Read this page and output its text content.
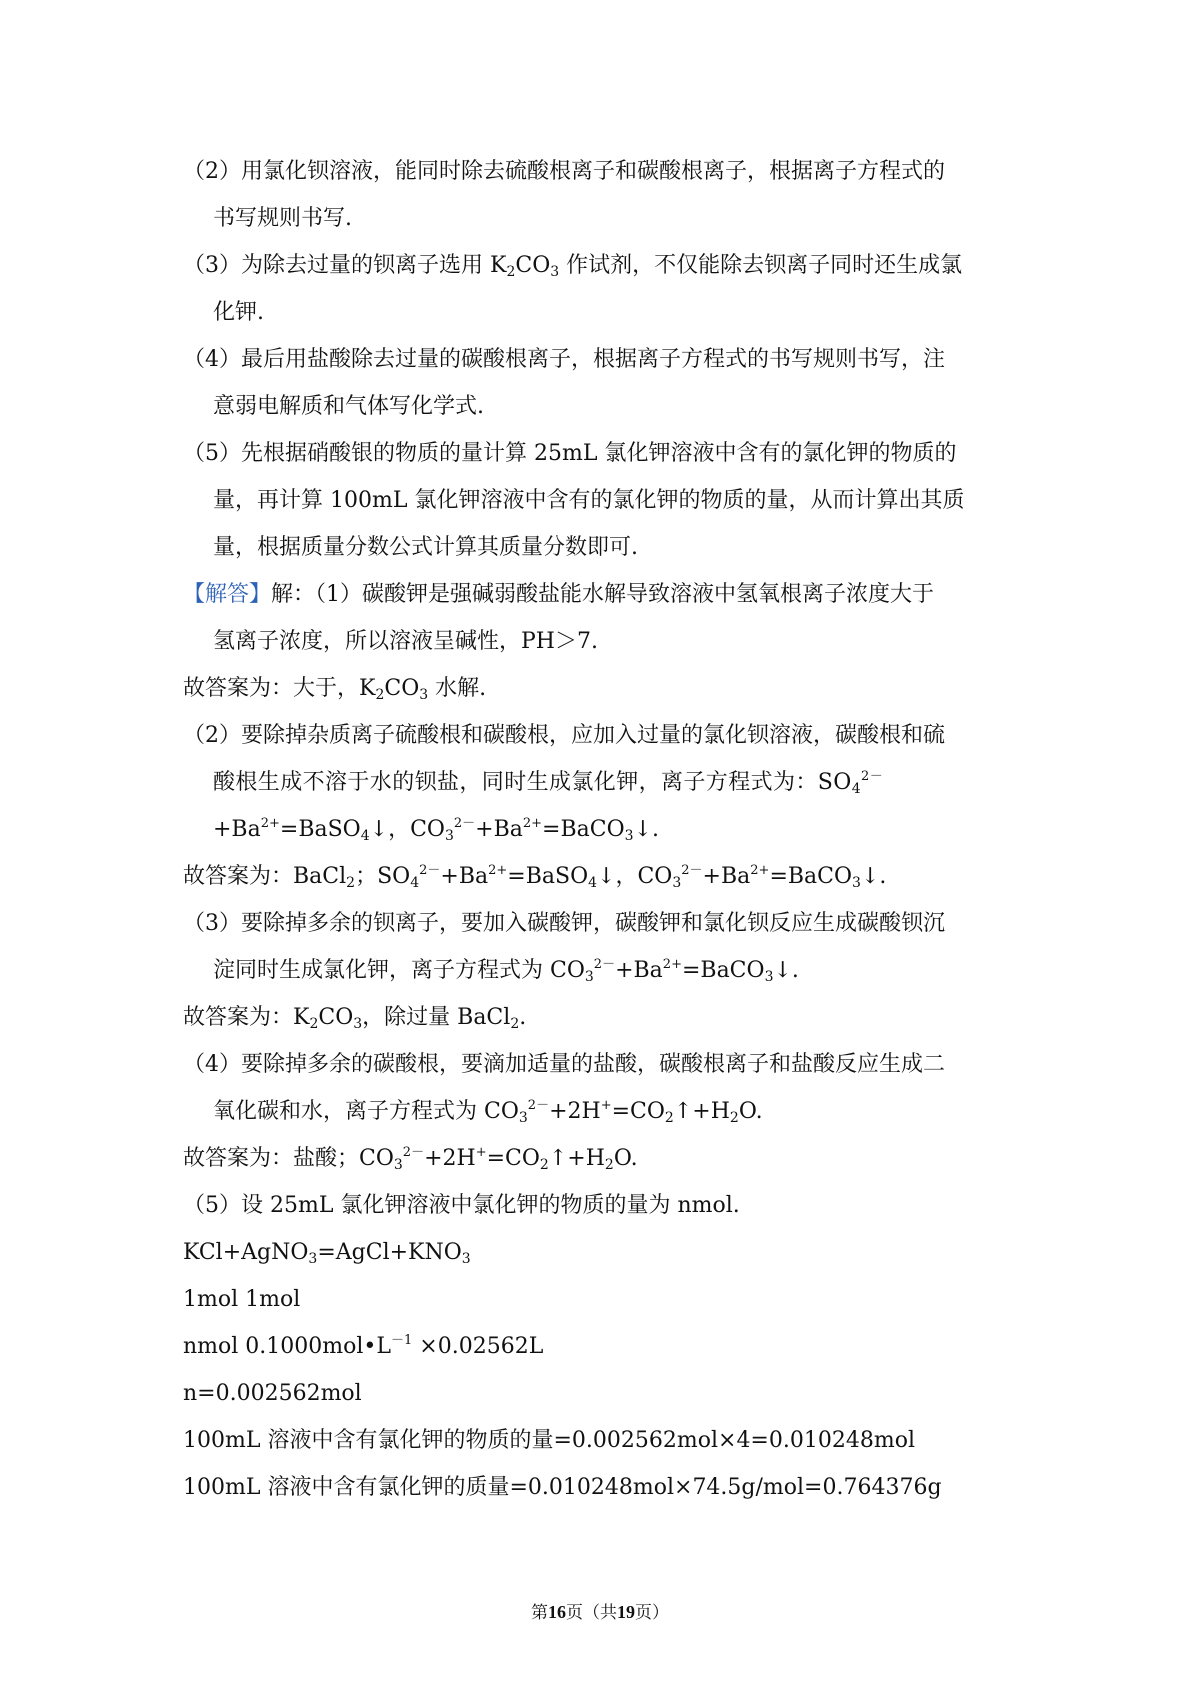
（2）用氯化钡溶液，能同时除去硫酸根离子和碳酸根离子，根据离子方程式的
书写规则书写.
（3）为除去过量的钡离子选用 $K_2CO_3$ 作试剂，不仅能除去钡离子同时还生成氯
化钾.
（4）最后用盐酸除去过量的碳酸根离子，根据离子方程式的书写规则书写，注
意弱电解质和气体写化学式.
（5）先根据硝酸银的物质的量计算 25mL 氯化钾溶液中含有的氯化钾的物质的
量，再计算 100mL 氯化钾溶液中含有的氯化钾的物质的量，从而计算出其质
量，根据质量分数公式计算其质量分数即可.
【解答】解：（1）碳酸钾是强碱弱酸盐能水解导致溶液中氢氧根离子浓度大于
氢离子浓度，所以溶液呈碱性，PH＞7.
故答案为：大于，$K_2CO_3$ 水解.
（2）要除掉杂质离子硫酸根和碳酸根，应加入过量的氯化钡溶液，碳酸根和硫
酸根生成不溶于水的钡盐，同时生成氯化钾，离子方程式为：$SO_4^{2-}$
$+Ba^{2+}=BaSO_4↓$，$CO_3^{2-}+Ba^{2+}=BaCO_3↓$.
故答案为：BaCl$_2$；$SO_4^{2-}+Ba^{2+}=BaSO_4↓$，$CO_3^{2-}+Ba^{2+}=BaCO_3↓$.
（3）要除掉多余的钡离子，要加入碳酸钾，碳酸钾和氯化钡反应生成碳酸钡沉
淀同时生成氯化钾，离子方程式为 $CO_3^{2-}+Ba^{2+}=BaCO_3↓$.
故答案为：$K_2CO_3$，除过量 BaCl$_2$.
（4）要除掉多余的碳酸根，要滴加适量的盐酸，碳酸根离子和盐酸反应生成二
氧化碳和水，离子方程式为 $CO_3^{2-}+2H^+=CO_2↑+H_2O$.
故答案为：盐酸；$CO_3^{2-}+2H^+=CO_2↑+H_2O$.
（5）设 25mL 氯化钾溶液中氯化钾的物质的量为 nmol.
$KCl+AgNO_3=AgCl+KNO_3$
1mol 1mol
nmol $0.1000mol•L^{-1} \times 0.02562L$
n=0.002562mol
100mL 溶液中含有氯化钾的物质的量=0.002562mol×4=0.010248mol
100mL 溶液中含有氯化钾的质量=0.010248mol×74.5g/mol=0.764376g
第16页（共19页）
